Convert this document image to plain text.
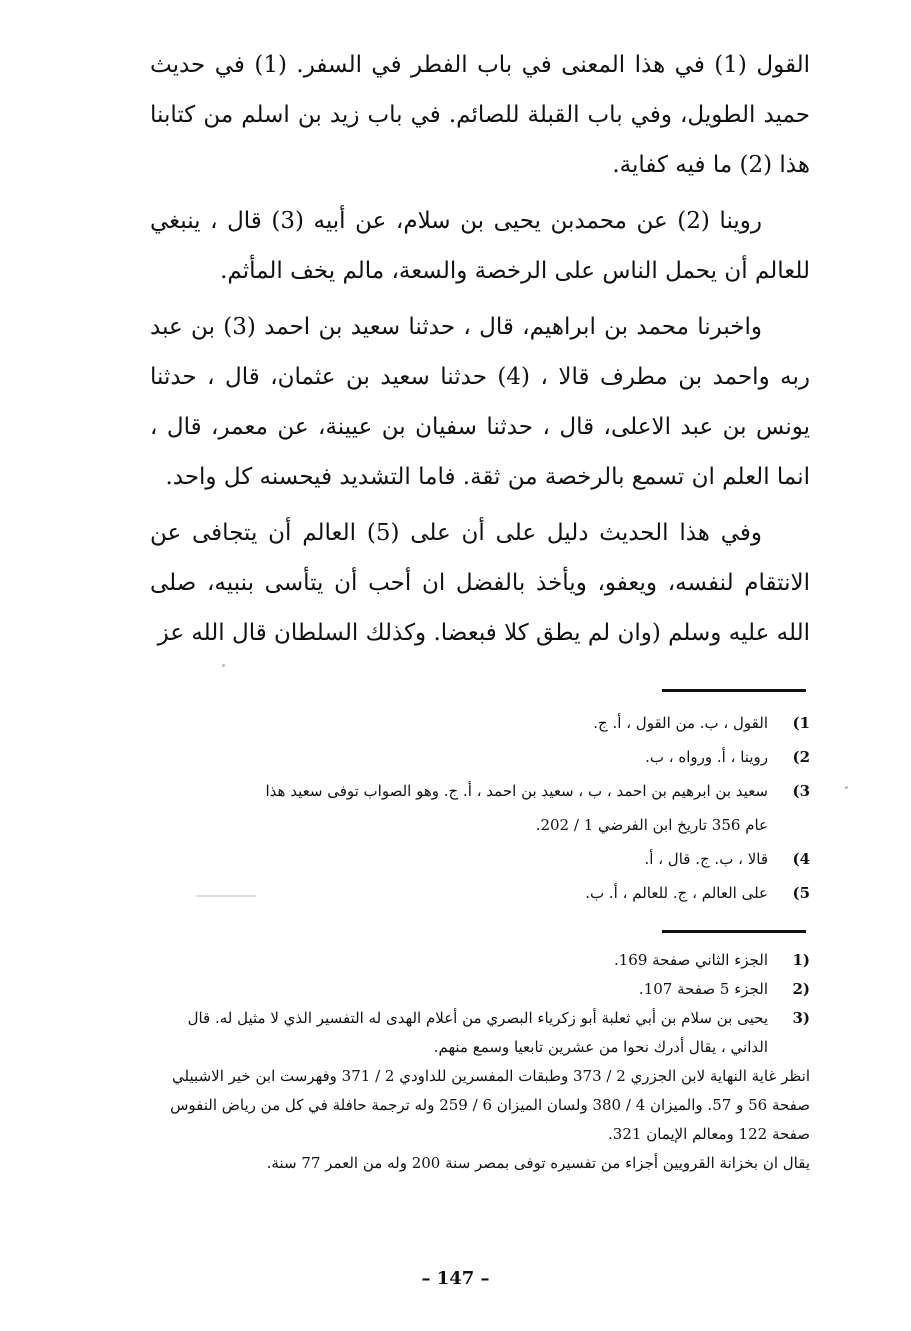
القول (1) في هذا المعنى في باب الفطر في السفر. (1) في حديث حميد الطويل، وفي باب القبلة للصائم. في باب زيد بن اسلم من كتابنا هذا (2) ما فيه كفاية.

روينا (2) عن محمدبن يحيى بن سلام، عن أبيه (3) قال ، ينبغي للعالم أن يحمل الناس على الرخصة والسعة، مالم يخف المأثم.

واخبرنا محمد بن ابراهيم، قال ، حدثنا سعيد بن احمد (3) بن عبد ربه واحمد بن مطرف قالا ، (4) حدثنا سعيد بن عثمان، قال ، حدثنا يونس بن عبد الاعلى، قال ، حدثنا سفيان بن عيينة، عن معمر، قال ، انما العلم ان تسمع بالرخصة من ثقة. فاما التشديد فيحسنه كل واحد.

وفي هذا الحديث دليل على أن على (5) العالم أن يتجافى عن الانتقام لنفسه، ويعفو، ويأخذ بالفضل ان أحب أن يتأسى بنبيه، صلى الله عليه وسلم (وان لم يطق كلا فبعضا. وكذلك السلطان قال الله عز

1)
القول ، ب. من القول ، أ. ج.
2)
روينا ، أ. ورواه ، ب.
3)
سعيد بن ابرهيم بن احمد ، ب ، سعيد بن احمد ، أ. ج. وهو الصواب توفى سعيد هذا
عام 356 تاريخ ابن الفرضي 1 / 202.
4)
قالا ، ب. ج. قال ، أ.
5)
على العالم ، ج. للعالم ، أ. ب.
(1
الجزء الثاني صفحة 169.
(2
الجزء 5 صفحة 107.
(3
يحيى بن سلام بن أبي ثعلبة أبو زكرياء البصري من أعلام الهدى له التفسير الذي لا مثيل له. قال الداني ، يقال أدرك نحوا من عشرين تابعيا وسمع منهم.
انظر غاية النهاية لابن الجزري 2 / 373 وطبقات المفسرين للداودي 2 / 371 وفهرست ابن خير الاشبيلي صفحة 56 و 57. والميزان 4 / 380 ولسان الميزان 6 / 259 وله ترجمة حافلة في كل من رياض النفوس صفحة 122 ومعالم الإيمان 321.
يقال ان بخزانة القرويين أجزاء من تفسيره توفى بمصر سنة 200 وله من العمر 77 سنة.
– 147 –
